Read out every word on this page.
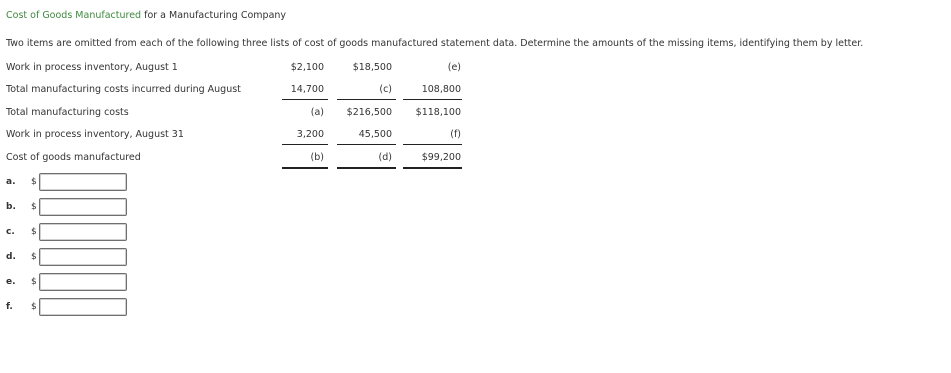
Cost of Goods Manufactured for a Manufacturing Company
Two items are omitted from each of the following three lists of cost of goods manufactured statement data. Determine the amounts of the missing items, identifying them by letter.
Work in process inventory, August 1	$2,100	$18,500	(e)
Total manufacturing costs incurred during August	14,700	(c)	108,800
Total manufacturing costs	(a)	$216,500	$118,100
Work in process inventory, August 31	3,200	45,500	(f)
Cost of goods manufactured	(b)	(d)	$99,200
a. $
b. $
c. $
d. $
e. $
f. $
